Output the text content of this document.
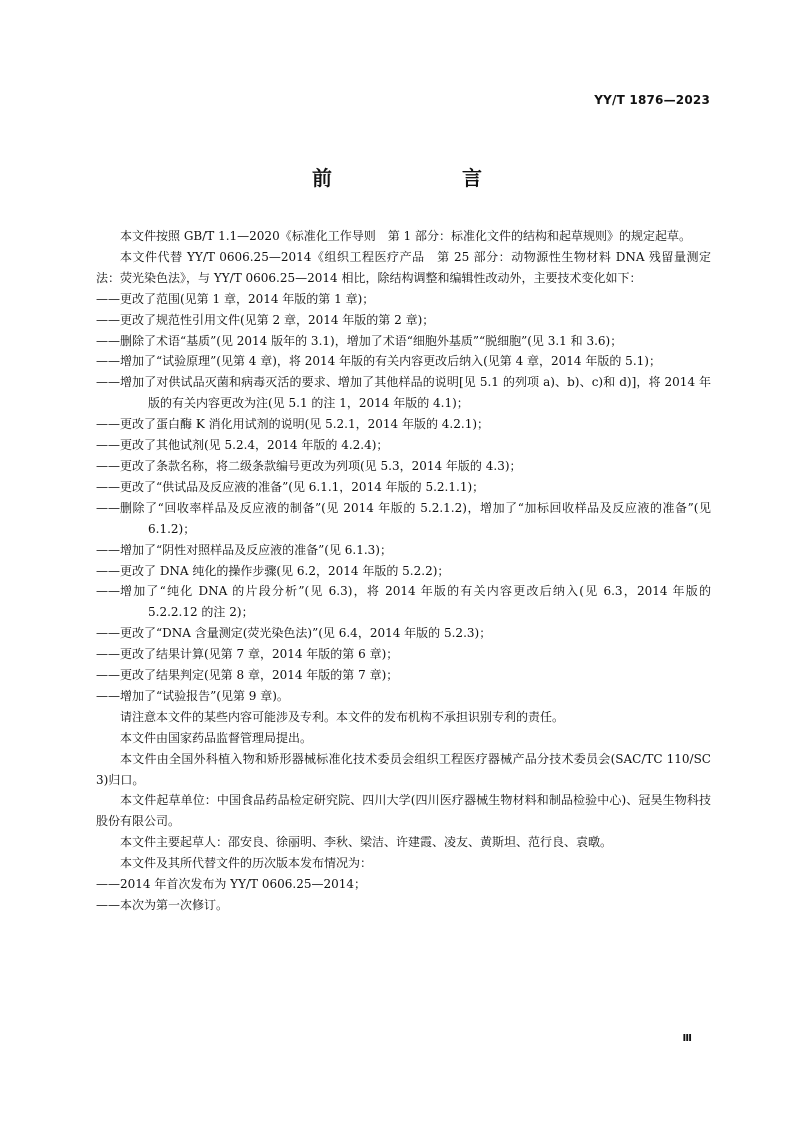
YY/T 1876—2023
前　　言
本文件按照 GB/T 1.1—2020《标准化工作导则　第 1 部分：标准化文件的结构和起草规则》的规定起草。
本文件代替 YY/T 0606.25—2014《组织工程医疗产品　第 25 部分：动物源性生物材料 DNA 残留量测定法：荧光染色法》，与 YY/T 0606.25—2014 相比，除结构调整和编辑性改动外，主要技术变化如下：
—— 更改了范围(见第 1 章，2014 年版的第 1 章)；
—— 更改了规范性引用文件(见第 2 章，2014 年版的第 2 章)；
—— 删除了术语“基质”(见 2014 版年的 3.1)，增加了术语“细胞外基质”“脱细胞”(见 3.1 和 3.6)；
—— 增加了“试验原理”(见第 4 章)，将 2014 年版的有关内容更改后纳入(见第 4 章，2014 年版的 5.1)；
—— 增加了对供试品灭菌和病毒灭活的要求、增加了其他样品的说明[见 5.1 的列项 a)、b)、c)和 d)]，将 2014 年版的有关内容更改为注(见 5.1 的注 1，2014 年版的 4.1)；
—— 更改了蛋白酶 K 消化用试剂的说明(见 5.2.1，2014 年版的 4.2.1)；
—— 更改了其他试剂(见 5.2.4，2014 年版的 4.2.4)；
—— 更改了条款名称，将二级条款编号更改为列项(见 5.3，2014 年版的 4.3)；
—— 更改了“供试品及反应液的准备”(见 6.1.1，2014 年版的 5.2.1.1)；
—— 删除了“回收率样品及反应液的制备”(见 2014 年版的 5.2.1.2)，增加了“加标回收样品及反应液的准备”(见 6.1.2)；
—— 增加了“阴性对照样品及反应液的准备”(见 6.1.3)；
—— 更改了 DNA 纯化的操作步骤(见 6.2，2014 年版的 5.2.2)；
—— 增加了“纯化 DNA 的片段分析”(见 6.3)，将 2014 年版的有关内容更改后纳入(见 6.3，2014 年版的 5.2.2.12 的注 2)；
—— 更改了“DNA 含量测定(荧光染色法)”(见 6.4，2014 年版的 5.2.3)；
—— 更改了结果计算(见第 7 章，2014 年版的第 6 章)；
—— 更改了结果判定(见第 8 章，2014 年版的第 7 章)；
—— 增加了“试验报告”(见第 9 章)。
请注意本文件的某些内容可能涉及专利。本文件的发布机构不承担识别专利的责任。
本文件由国家药品监督管理局提出。
本文件由全国外科植入物和矫形器械标准化技术委员会组织工程医疗器械产品分技术委员会(SAC/TC 110/SC 3)归口。
本文件起草单位：中国食品药品检定研究院、四川大学(四川医疗器械生物材料和制品检验中心)、冠昊生物科技股份有限公司。
本文件主要起草人：邵安良、徐丽明、李秋、梁洁、许建霞、凌友、黄斯坦、范行良、袁暾。
本文件及其所代替文件的历次版本发布情况为：
—— 2014 年首次发布为 YY/T 0606.25—2014；
—— 本次为第一次修订。
Ⅲ
